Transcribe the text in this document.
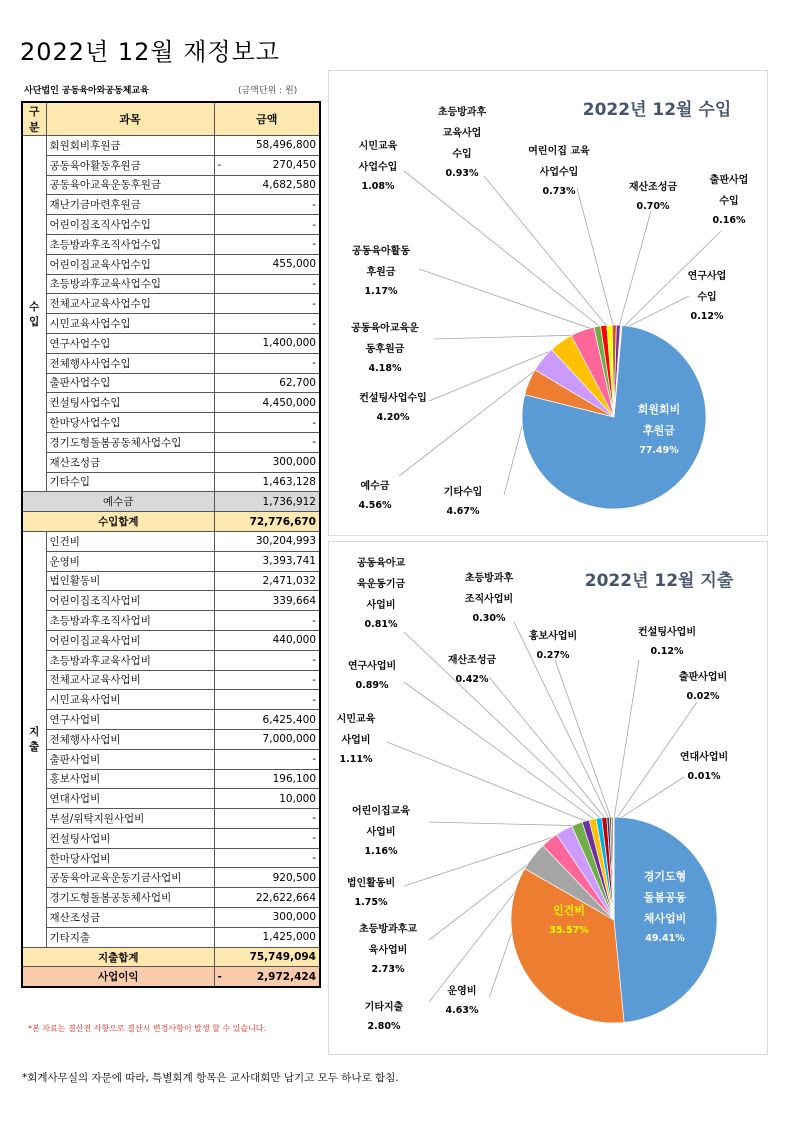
2022년 12월 재정보고
사단법인 공동육아와공동체교육	(금액단위 : 원)
구분	과목	금액
수입	회원회비후원금	58,496,800
	공동육아활동후원금	- 270,450
	공동육아교육운동후원금	4,682,580
	재난기금마련후원금	-
	어린이집조직사업수입	-
	초등방과후조직사업수입	-
	어린이집교육사업수입	455,000
	초등방과후교육사업수입	-
	전체교사교육사업수입	-
	시민교육사업수입	-
	연구사업수입	1,400,000
	전체행사사업수입	-
	출판사업수입	62,700
	컨설팅사업수입	4,450,000
	한마당사업수입	-
	경기도형돌봄공동체사업수입	-
	재산조성금	300,000
	기타수입	1,463,128
예수금		1,736,912
수입합계		72,776,670
지출	인건비	30,204,993
	운영비	3,393,741
	법인활동비	2,471,032
	어린이집조직사업비	339,664
	초등방과후조직사업비	-
	어린이집교육사업비	440,000
	초등방과후교육사업비	-
	전체교사교육사업비	-
	시민교육사업비	-
	연구사업비	6,425,400
	전체행사사업비	7,000,000
	출판사업비	-
	홍보사업비	196,100
	연대사업비	10,000
	부설/위탁지원사업비	-
	컨설팅사업비	-
	한마당사업비	-
	공동육아교육운동기금사업비	920,500
	경기도형돌봄공동체사업비	22,622,664
	재산조성금	300,000
	기타지출	1,425,000
지출합계		75,749,094
사업이익		- 2,972,424
*본 자료는 결산전 사항으로 결산시 변경사항이 발생 할 수 있습니다.
*회계사무실의 자문에 따라, 특별회계 항목은 교사대회만 남기고 모두 하나로 합침.
2022년 12월 수입
회원회비
후원금
77.49%
기타수입
4.67%
예수금
4.56%
컨설팅사업수입
4.20%
공동육아교육운
동후원금
4.18%
공동육아활동
후원금
1.17%
시민교육
사업수입
1.08%
초등방과후
교육사업
수입
0.93%
여린이집 교육
사업수입
0.73%	재산조성금
0.70%
출판사업
수입
0.16%
연구사업
수입
0.12%
2022년 12월 지출
경기도형
돌봄공동
체사업비
49.41%
인건비
35.57%
운영비
4.63%
기타지출
2.80%
초등방과후교
육사업비
2.73%
법인활동비
1.75%
어린이집교육
사업비
1.16%
시민교육
사업비
1.11%
연구사업비
0.89%
공동육아교
육운동기금
사업비
0.81%
재산조성금
0.42%
초등방과후
조직사업비
0.30%
홍보사업비
0.27%
컨설팅사업비
0.12%
출판사업비
0.02%
연대사업비
0.01%
